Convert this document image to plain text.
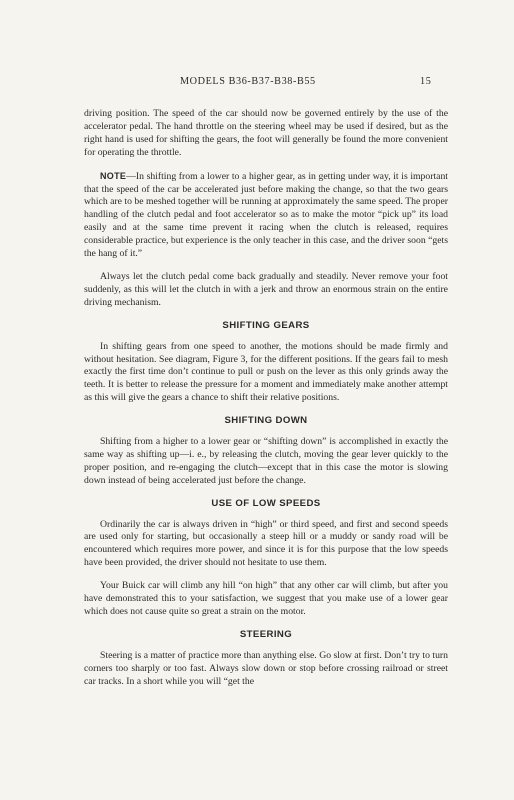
MODELS B36-B37-B38-B55	15

driving position. The speed of the car should now be governed entirely by the use of the accelerator pedal. The hand throttle on the steering wheel may be used if desired, but as the right hand is used for shifting the gears, the foot will generally be found the more convenient for operating the throttle.

NOTE—In shifting from a lower to a higher gear, as in getting under way, it is important that the speed of the car be accelerated just before making the change, so that the two gears which are to be meshed together will be running at approximately the same speed. The proper handling of the clutch pedal and foot accelerator so as to make the motor “pick up” its load easily and at the same time prevent it racing when the clutch is released, requires considerable practice, but experience is the only teacher in this case, and the driver soon “gets the hang of it.”

Always let the clutch pedal come back gradually and steadily. Never remove your foot suddenly, as this will let the clutch in with a jerk and throw an enormous strain on the entire driving mechanism.

SHIFTING GEARS

In shifting gears from one speed to another, the motions should be made firmly and without hesitation. See diagram, Figure 3, for the different positions. If the gears fail to mesh exactly the first time don’t continue to pull or push on the lever as this only grinds away the teeth. It is better to release the pressure for a moment and immediately make another attempt as this will give the gears a chance to shift their relative positions.

SHIFTING DOWN

Shifting from a higher to a lower gear or “shifting down” is accomplished in exactly the same way as shifting up—i. e., by releasing the clutch, moving the gear lever quickly to the proper position, and re-engaging the clutch—except that in this case the motor is slowing down instead of being accelerated just before the change.

USE OF LOW SPEEDS

Ordinarily the car is always driven in “high” or third speed, and first and second speeds are used only for starting, but occasionally a steep hill or a muddy or sandy road will be encountered which requires more power, and since it is for this purpose that the low speeds have been provided, the driver should not hesitate to use them.

Your Buick car will climb any hill “on high” that any other car will climb, but after you have demonstrated this to your satisfaction, we suggest that you make use of a lower gear which does not cause quite so great a strain on the motor.

STEERING

Steering is a matter of practice more than anything else. Go slow at first. Don’t try to turn corners too sharply or too fast. Always slow down or stop before crossing railroad or street car tracks. In a short while you will “get the
